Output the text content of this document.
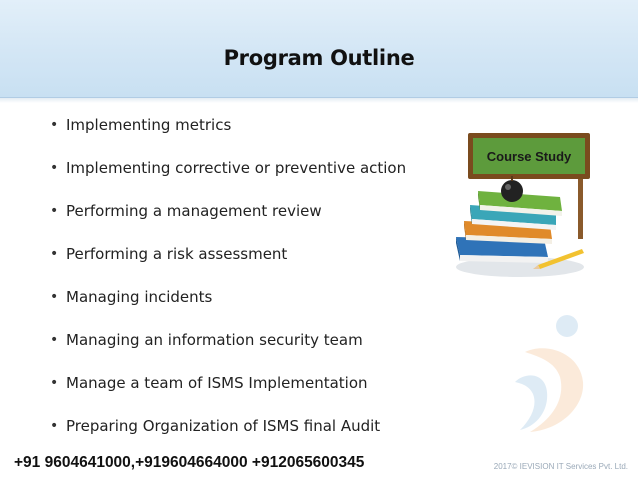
Program Outline
• Implementing metrics
• Implementing corrective or preventive action
• Performing a management review
• Performing a risk assessment
• Managing incidents
• Managing an information security team
• Manage a team of ISMS Implementation
• Preparing Organization of ISMS final Audit
Course Study
+91 9604641000,+919604664000 +912065600345	2017© IEVISION IT Services Pvt. Ltd.
